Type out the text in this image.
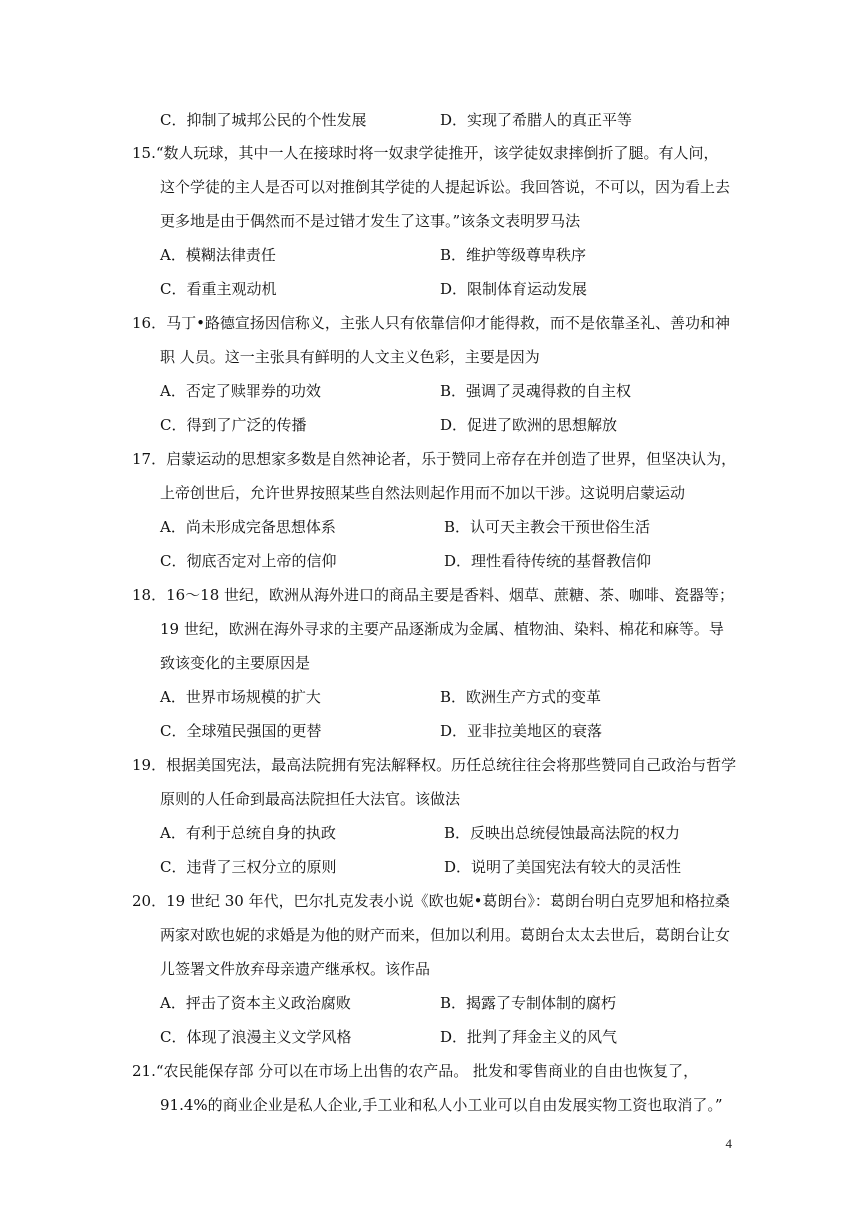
C．抑制了城邦公民的个性发展	D．实现了希腊人的真正平等
15.“数人玩球，其中一人在接球时将一奴隶学徒推开，该学徒奴隶摔倒折了腿。有人问，
这个学徒的主人是否可以对推倒其学徒的人提起诉讼。我回答说，不可以，因为看上去
更多地是由于偶然而不是过错才发生了这事。”该条文表明罗马法
A．模糊法律责任	B．维护等级尊卑秩序
C．看重主观动机	D．限制体育运动发展
16．马丁•路德宣扬因信称义，主张人只有依靠信仰才能得救，而不是依靠圣礼、善功和神
职 人员。这一主张具有鲜明的人文主义色彩，主要是因为
A．否定了赎罪券的功效	B．强调了灵魂得救的自主权
C．得到了广泛的传播	D．促进了欧洲的思想解放
17．启蒙运动的思想家多数是自然神论者，乐于赞同上帝存在并创造了世界，但坚决认为，
上帝创世后，允许世界按照某些自然法则起作用而不加以干涉。这说明启蒙运动
A．尚未形成完备思想体系	B．认可天主教会干预世俗生活
C．彻底否定对上帝的信仰	D．理性看待传统的基督教信仰
18．16～18 世纪，欧洲从海外进口的商品主要是香料、烟草、蔗糖、茶、咖啡、瓷器等；
19 世纪，欧洲在海外寻求的主要产品逐渐成为金属、植物油、染料、棉花和麻等。导
致该变化的主要原因是
A．世界市场规模的扩大	B．欧洲生产方式的变革
C．全球殖民强国的更替	D．亚非拉美地区的衰落
19．根据美国宪法，最高法院拥有宪法解释权。历任总统往往会将那些赞同自己政治与哲学
原则的人任命到最高法院担任大法官。该做法
A．有利于总统自身的执政	B．反映出总统侵蚀最高法院的权力
C．违背了三权分立的原则	D．说明了美国宪法有较大的灵活性
20．19 世纪 30 年代，巴尔扎克发表小说《欧也妮•葛朗台》：葛朗台明白克罗旭和格拉桑
两家对欧也妮的求婚是为他的财产而来，但加以利用。葛朗台太太去世后，葛朗台让女
儿签署文件放弃母亲遗产继承权。该作品
A．抨击了资本主义政治腐败	B．揭露了专制体制的腐朽
C．体现了浪漫主义文学风格	D．批判了拜金主义的风气
21.“农民能保存部 分可以在市场上出售的农产品。 批发和零售商业的自由也恢复了，
91.4%的商业企业是私人企业,手工业和私人小工业可以自由发展实物工资也取消了。”
4
